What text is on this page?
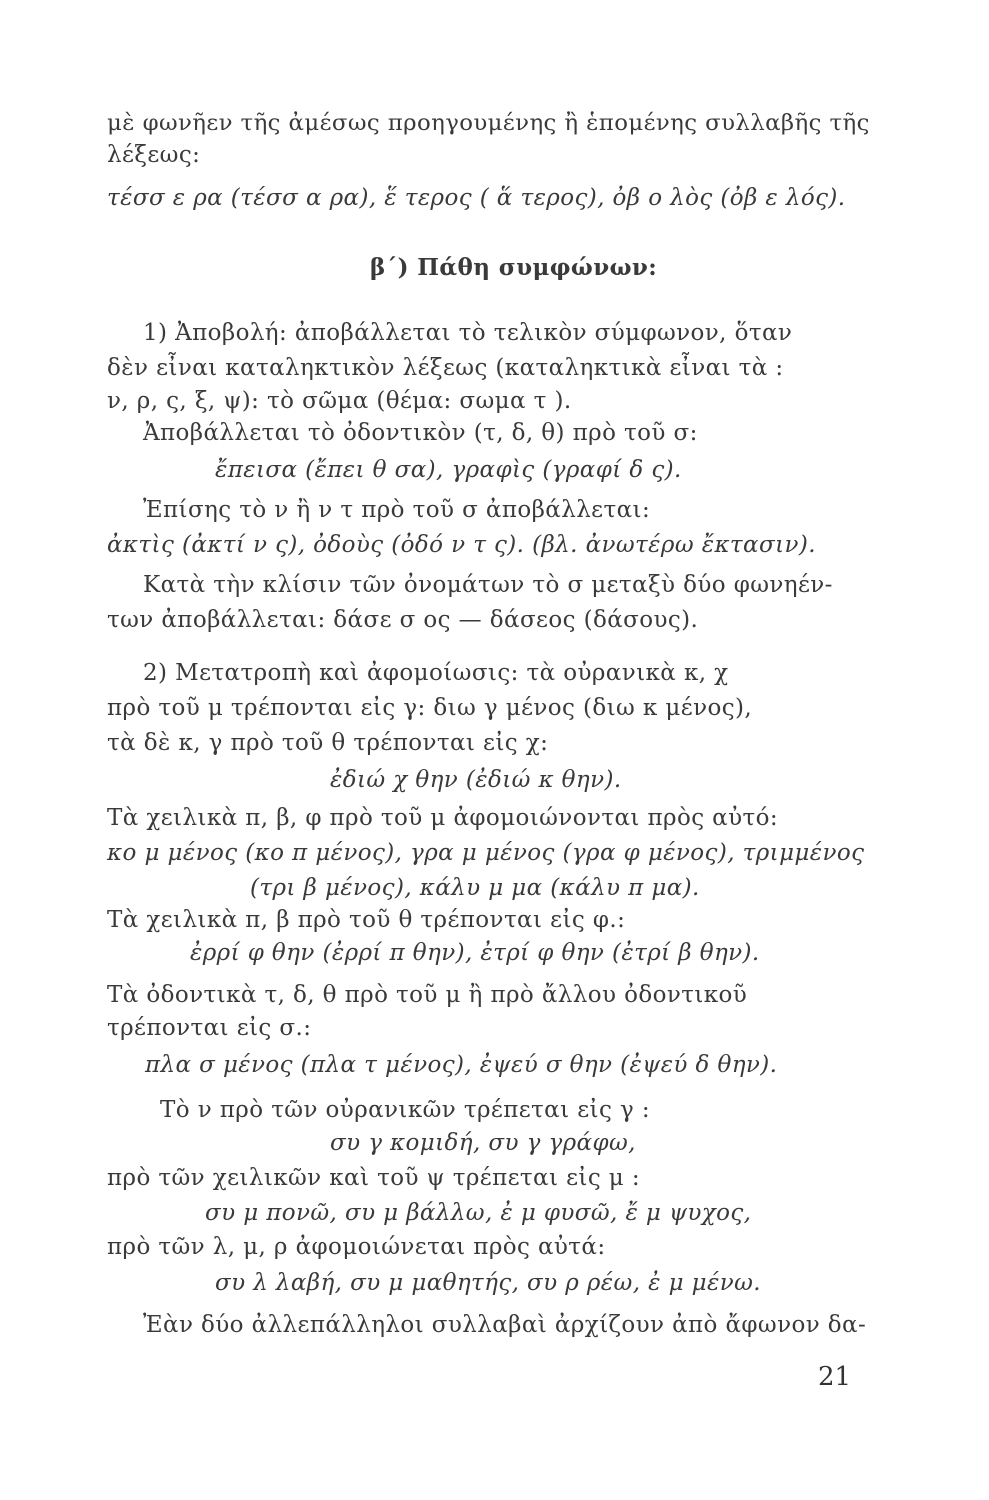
μὲ φωνῆεν τῆς ἀμέσως προηγουμένης ἢ ἑπομένης συλλαβῆς τῆς

λέξεως:

τέσσ ε ρα (τέσσ α ρα), ἕ τερος ( ἅ τερος), ὀβ ο λὸς (ὀβ ε λός).

β΄) Πάθη συμφώνων:

1) Ἀποβολή: ἀποβάλλεται τὸ τελικὸν σύμφωνον, ὅταν

δὲν εἶναι καταληκτικὸν λέξεως (καταληκτικὰ εἶναι τὰ :

ν, ρ, ς, ξ, ψ): τὸ σῶμα (θέμα: σωμα τ ).

Ἀποβάλλεται τὸ ὀδοντικὸν (τ, δ, θ) πρὸ τοῦ σ:

ἔπεισα (ἔπει θ σα), γραφὶς (γραφί δ ς).

Ἐπίσης τὸ ν ἢ ν τ πρὸ τοῦ σ ἀποβάλλεται:

ἀκτὶς (ἀκτί ν ς), ὀδοὺς (ὀδό ν τ ς). (βλ. ἀνωτέρω ἔκτασιν).

Κατὰ τὴν κλίσιν τῶν ὀνομάτων τὸ σ μεταξὺ δύο φωνηέν-

των ἀποβάλλεται: δάσε σ ος — δάσεος (δάσους).

2) Μετατροπὴ καὶ ἀφομοίωσις: τὰ οὐρανικὰ κ, χ

πρὸ τοῦ μ τρέπονται εἰς γ: διω γ μένος (διω κ μένος),

τὰ δὲ κ, γ πρὸ τοῦ θ τρέπονται εἰς χ:

ἐδιώ χ θην (ἐδιώ κ θην).

Τὰ χειλικὰ π, β, φ πρὸ τοῦ μ ἀφομοιώνονται πρὸς αὐτό:

κο μ μένος (κο π μένος), γρα μ μένος (γρα φ μένος), τριμμένος

(τρι β μένος), κάλυ μ μα (κάλυ π μα).

Τὰ χειλικὰ π, β πρὸ τοῦ θ τρέπονται εἰς φ.:

ἐρρί φ θην (ἐρρί π θην), ἐτρί φ θην (ἐτρί β θην).

Τὰ ὀδοντικὰ τ, δ, θ πρὸ τοῦ μ ἢ πρὸ ἄλλου ὀδοντικοῦ

τρέπονται εἰς σ.:

πλα σ μένος (πλα τ μένος), ἐψεύ σ θην (ἐψεύ δ θην).

Τὸ ν πρὸ τῶν οὐρανικῶν τρέπεται εἰς γ :

συ γ κομιδή, συ γ γράφω,

πρὸ τῶν χειλικῶν καὶ τοῦ ψ τρέπεται εἰς μ :

συ μ πονῶ, συ μ βάλλω, ἐ μ φυσῶ, ἔ μ ψυχος,

πρὸ τῶν λ, μ, ρ ἀφομοιώνεται πρὸς αὐτά:

συ λ λαβή, συ μ μαθητής, συ ρ ρέω, ἐ μ μένω.

Ἐὰν δύο ἀλλεπάλληλοι συλλαβαὶ ἀρχίζουν ἀπὸ ἄφωνον δα-

21
